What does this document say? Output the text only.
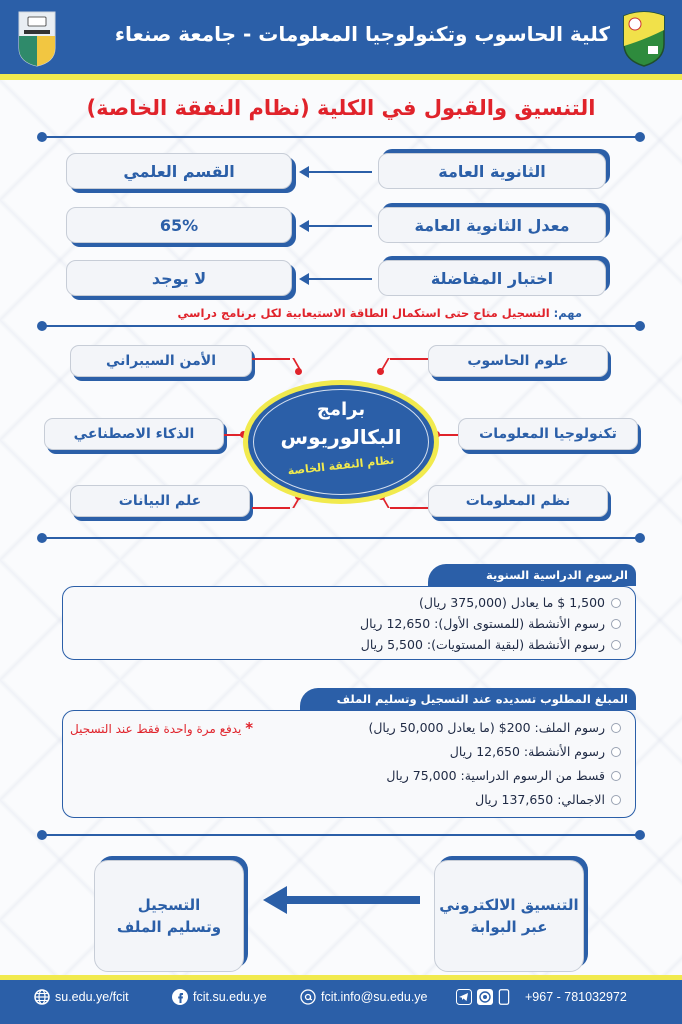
كلية الحاسوب وتكنولوجيا المعلومات - جامعة صنعاء
التنسيق والقبول في الكلية (نظام النفقة الخاصة)
الثانوية العامة
القسم العلمي
معدل الثانوية العامة
65%
اختبار المفاضلة
لا يوجد
مهم: التسجيل متاح حتى استكمال الطاقة الاستيعابية لكل برنامج دراسي
علوم الحاسوب
تكنولوجيا المعلومات
نظم المعلومات
الأمن السيبراني
الذكاء الاصطناعي
علم البيانات
برامج
البكالوريوس
نظام النفقة الخاصة
الرسوم الدراسية السنوية
1,500 $ ما يعادل (375,000 ريال)
رسوم الأنشطة (للمستوى الأول): 12,650 ريال
رسوم الأنشطة (لبقية المستويات): 5,500 ريال
المبلغ المطلوب تسديده عند التسجيل وتسليم الملف
رسوم الملف: 200$ (ما يعادل 50,000 ريال)
رسوم الأنشطة: 12,650 ريال
قسط من الرسوم الدراسية: 75,000 ريال
الاجمالي: 137,650 ريال
* يدفع مرة واحدة فقط عند التسجيل
التنسيق الالكتروني
عبر البوابة
التسجيل
وتسليم الملف
su.edu.ye/fcit	fcit.su.edu.ye	fcit.info@su.edu.ye	+967 - 781032972
